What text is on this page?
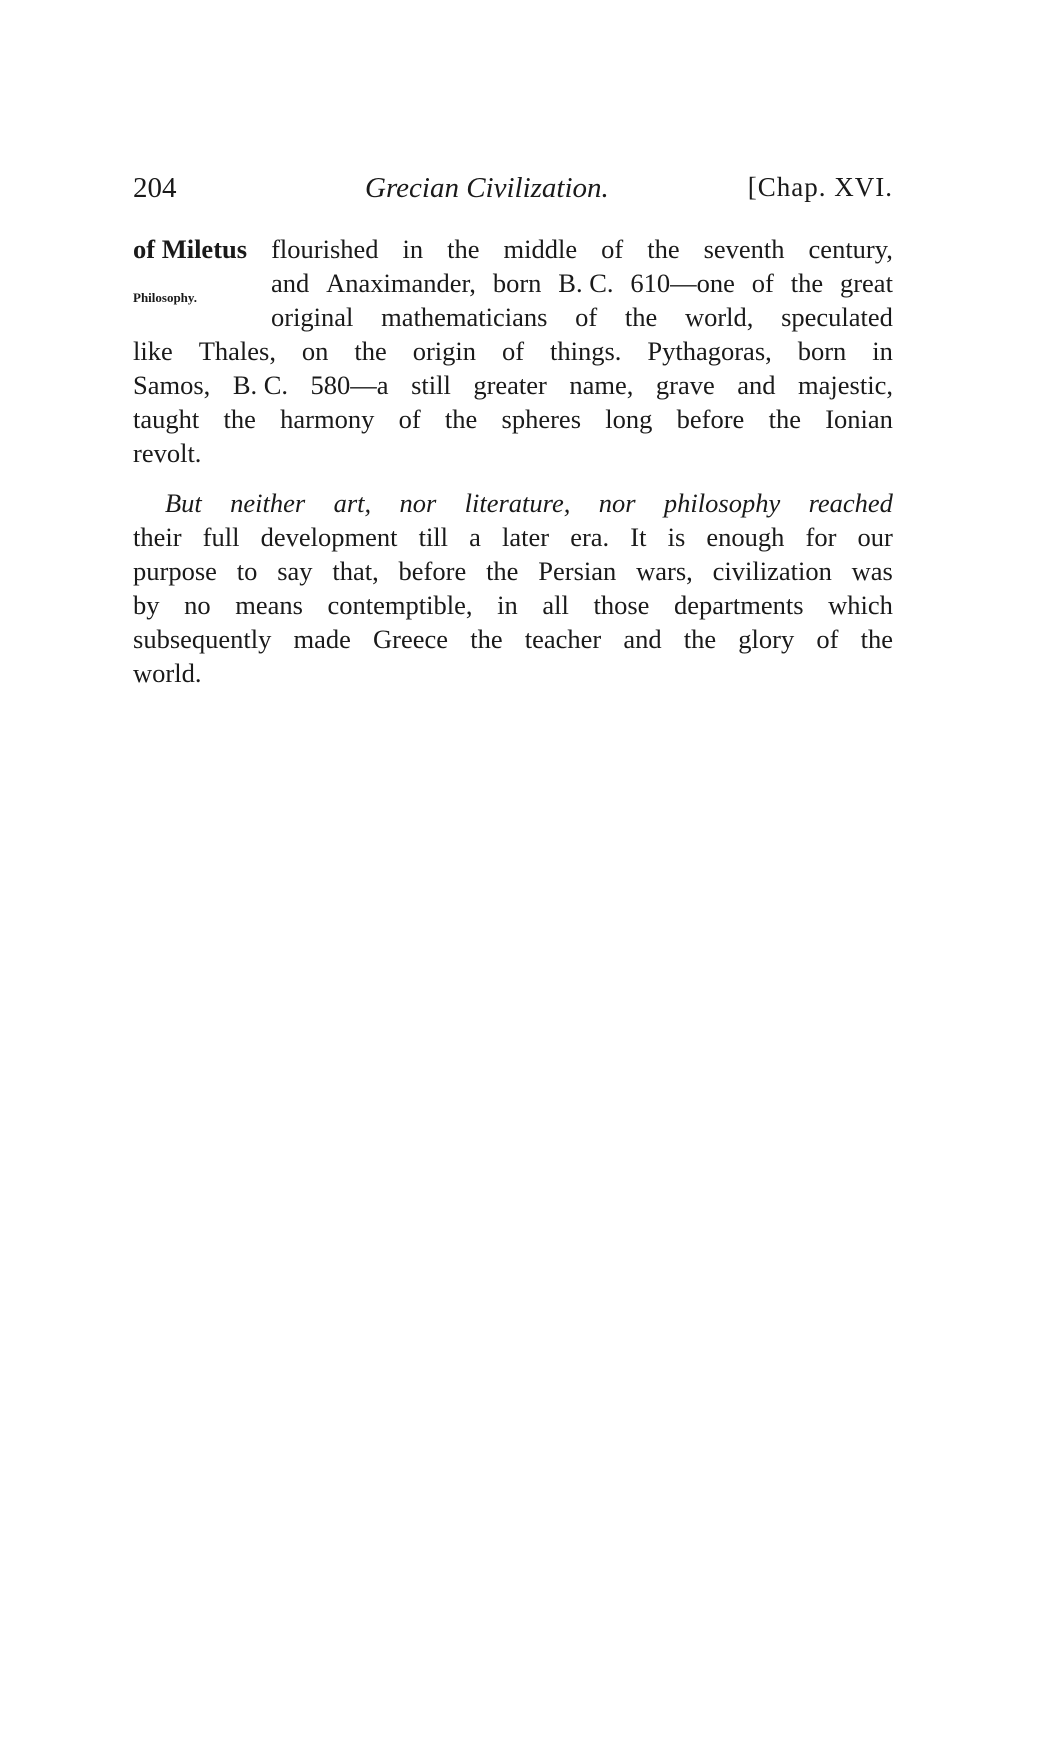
204	Grecian Civilization.	[Chap. XVI.
Philosophy.
of Miletus flourished in the middle of the seventh century,
and Anaximander, born B. C. 610—one of the great
original mathematicians of the world, speculated
like Thales, on the origin of things. Pythagoras, born in
Samos, B. C. 580—a still greater name, grave and majestic,
taught the harmony of the spheres long before the Ionian
revolt.
But neither art, nor literature, nor philosophy reached
their full development till a later era. It is enough for our
purpose to say that, before the Persian wars, civilization was
by no means contemptible, in all those departments which
subsequently made Greece the teacher and the glory of the
world.
